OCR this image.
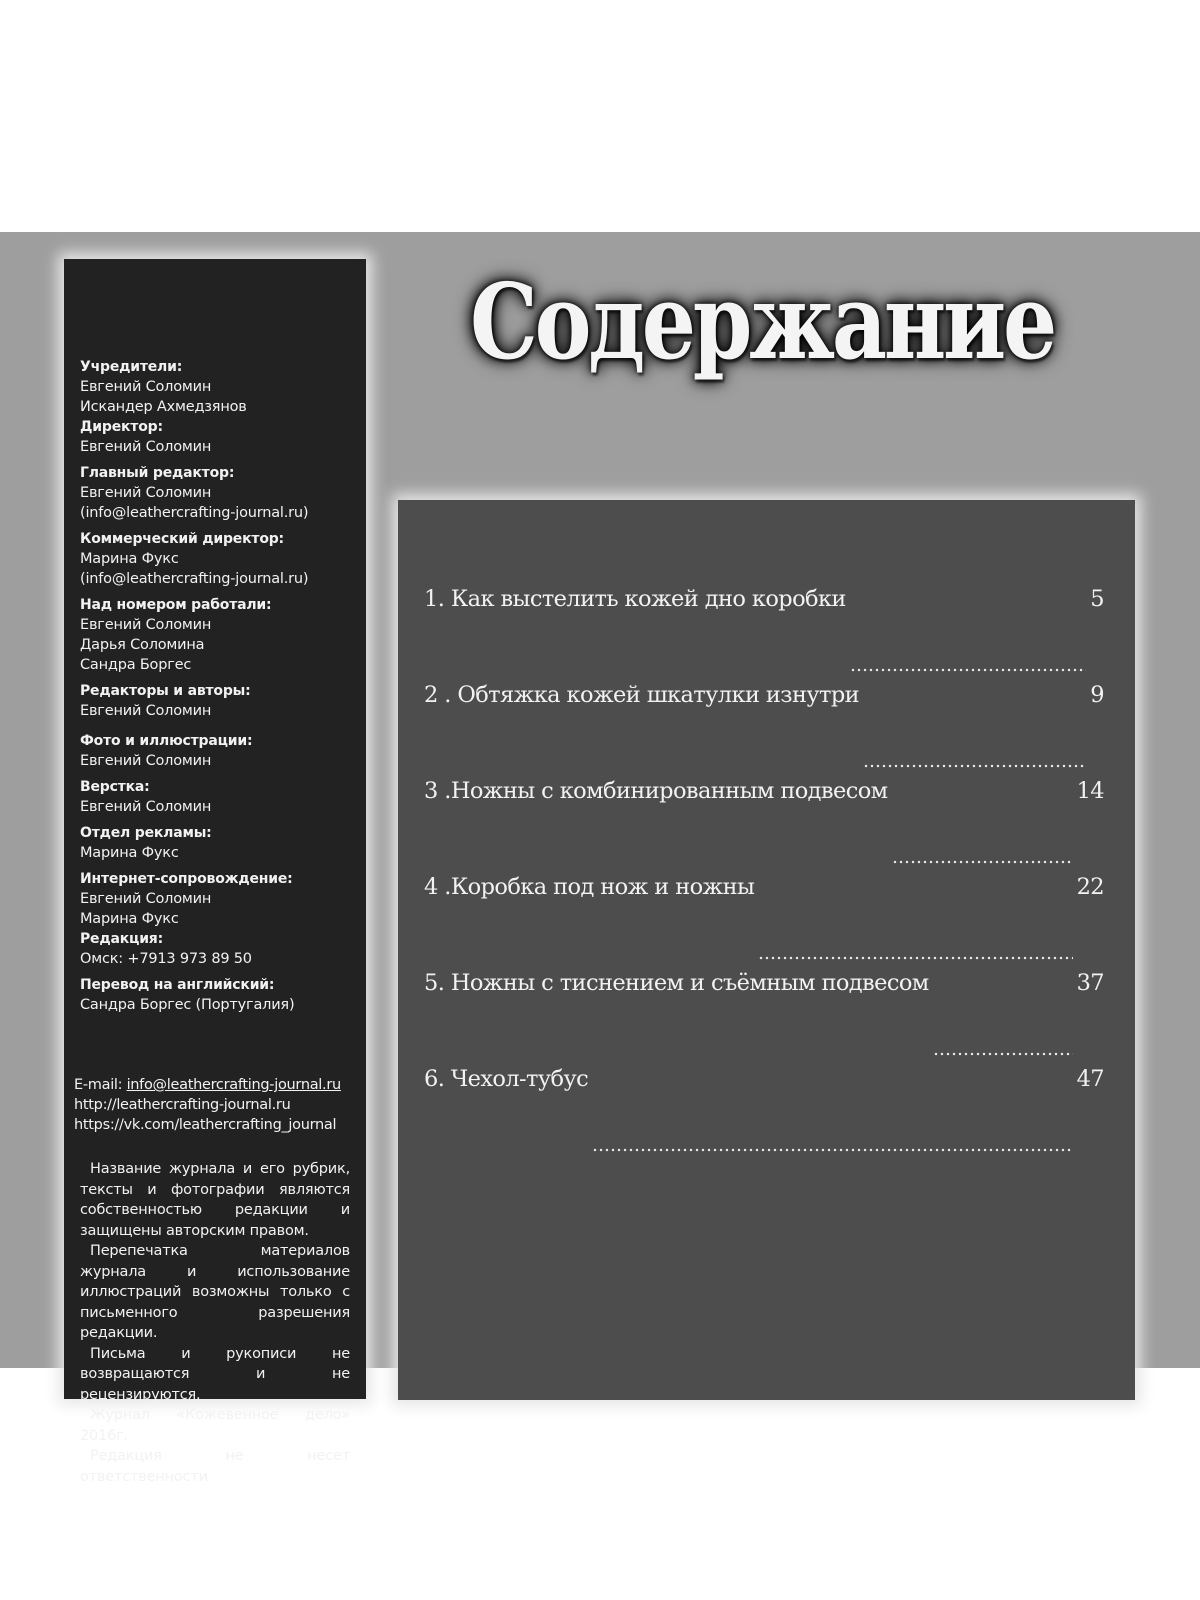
Учредители:
Евгений Соломин
Искандер Ахмедзянов
Директор:
Евгений Соломин
Главный редактор:
Евгений Соломин
(info@leathercrafting-journal.ru)
Коммерческий директор:
Марина Фукс
(info@leathercrafting-journal.ru)
Над номером работали:
Евгений Соломин
Дарья Соломина
Сандра Боргес
Редакторы и авторы:
Евгений Соломин
Фото и иллюстрации:
Евгений Соломин
Верстка:
Евгений Соломин
Отдел рекламы:
Марина Фукс
Интернет-сопровождение:
Евгений Соломин
Марина Фукс
Редакция:
Омск: +7913 973 89 50
Перевод на английский:
Сандра Боргес (Португалия)
E-mail: info@leathercrafting-journal.ru
http://leathercrafting-journal.ru
https://vk.com/leathercrafting_journal

Название журнала и его рубрик, тексты и фотографии являются собственностью редакции и защищены авторским правом.

Перепечатка материалов журнала и использование иллюстраций возможны только с письменного разрешения редакции.

Письма и рукописи не возвращаются и не рецензируются.

Журнал «Кожевенное дело» 2016г.

Редакция не несет ответственности

Содержание
1. Как выстелить кожей дно коробки	5
2 . Обтяжка кожей шкатулки изнутри	9
3 .Ножны с комбинированным подвесом	14
4 .Коробка под нож и ножны	22
5. Ножны с тиснением и съёмным подвесом	37
6. Чехол-тубус	47
